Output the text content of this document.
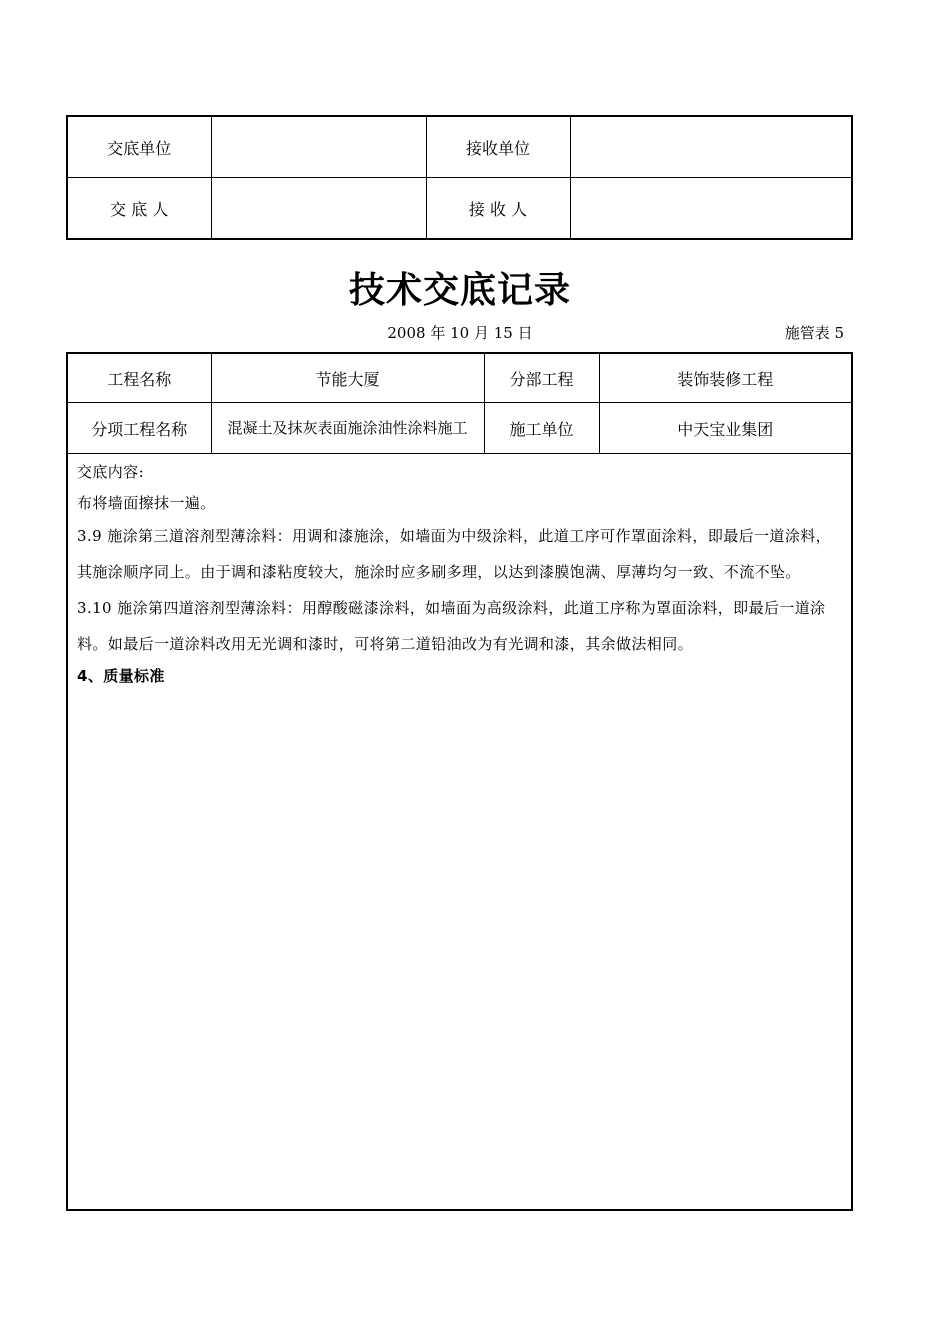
交底单位		接收单位	
交 底 人		接 收 人	
技术交底记录
2008 年 10 月 15 日	施管表 5
工程名称	节能大厦	分部工程	装饰装修工程
分项工程名称	混凝土及抹灰表面施涂油性涂料施工	施工单位	中天宝业集团

交底内容:

布将墙面擦抹一遍。

3.9 施涂第三道溶剂型薄涂料：用调和漆施涂，如墙面为中级涂料，此道工序可作罩面涂料，即最后一道涂料，其施涂顺序同上。由于调和漆粘度较大，施涂时应多刷多理，以达到漆膜饱满、厚薄均匀一致、不流不坠。

3.10 施涂第四道溶剂型薄涂料：用醇酸磁漆涂料，如墙面为高级涂料，此道工序称为罩面涂料，即最后一道涂料。如最后一道涂料改用无光调和漆时，可将第二道铅油改为有光调和漆，其余做法相同。

4、质量标准			
